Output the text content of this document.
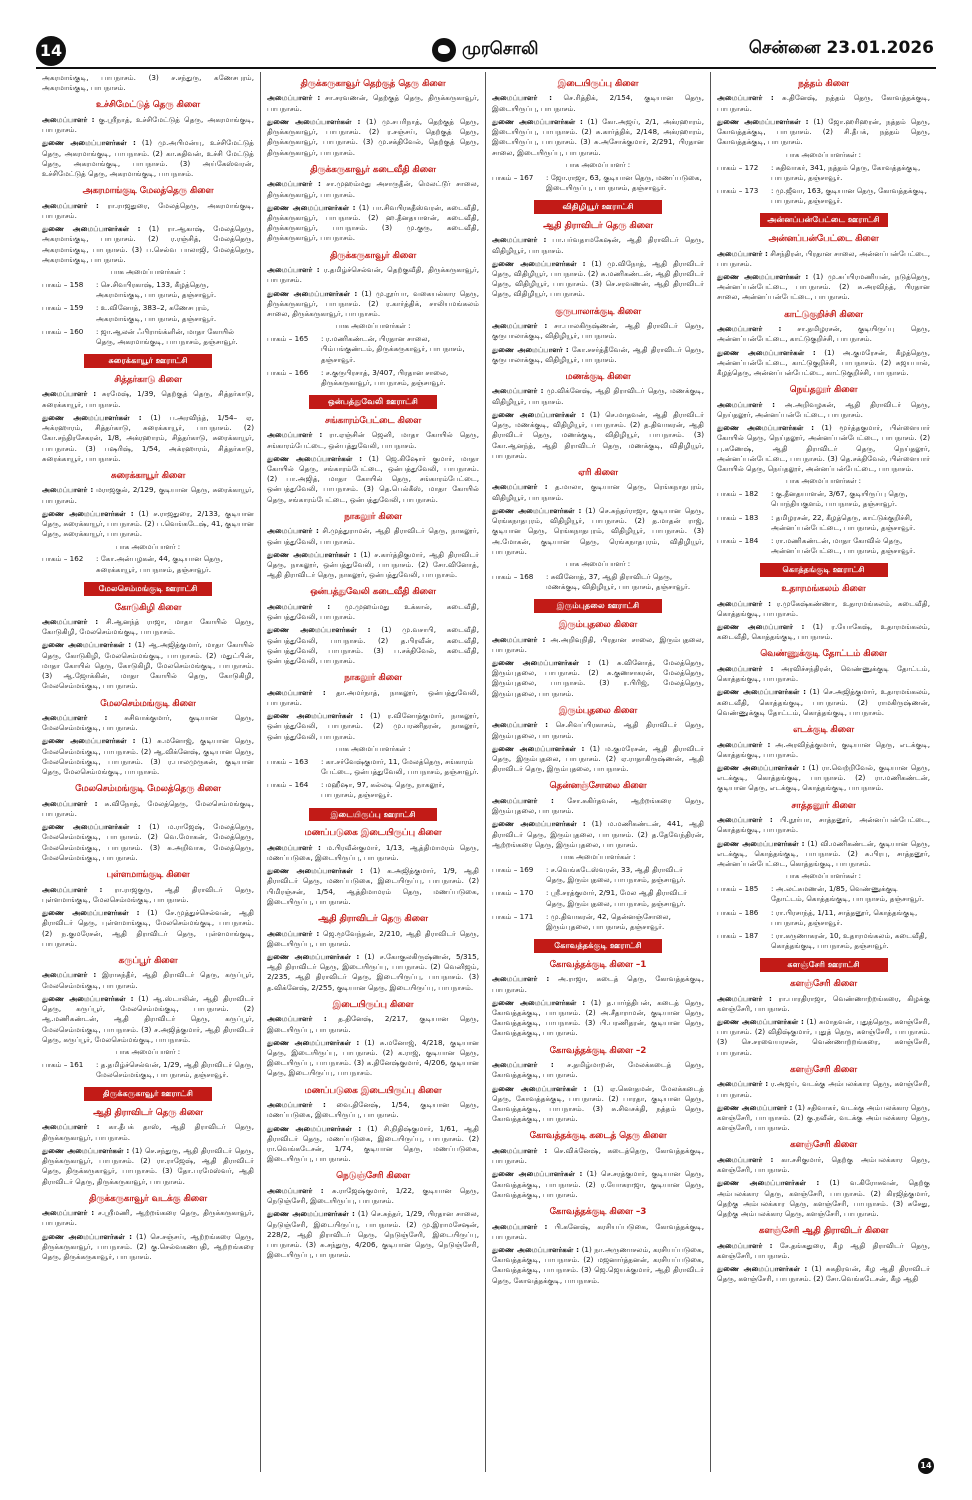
14	முரசொலி	சென்னை 23.01.2026
அகரமாங்குடி, பாபநாசம். (3) ச.சந்துரு, கணேசபுரம், அகரமாங்குடி, பாபநாசம்.
உச்சிமேட்டுத் தெரு கிளை
அமைப்பாளர் : கு.ஸ்ரீநாத், உச்சிமேட்டுத் தெரு, அகரமாங்குடி, பாபநாசம்.
துணை அமைப்பாளர்கள் : (1) மு.அபிமன்யு, உச்சிமேட்டுத் தெரு, அகரமாங்குடி, பாபநாசம். (2) கா.சுதிவன், உச்சி மேட்டுத் தெரு, அகரமாங்குடி, பாபநாசம். (3) அய்கேஸ்வரன், உச்சிமேட்டுத் தெரு, அகரமாங்குடி, பாபநாசம்.
அகரமாங்குடி மேலத்தெரு கிளை
அமைப்பாளர் : ரா.ராஜதுரை, மேலத்தெரு, அகரமாங்குடி, பாபநாசம்.
துணை அமைப்பாளர்கள் : (1) ரா.ஆகாஷ், மேலத்தெரு, அகரமாங்குடி, பாபநாசம். (2) ர.ரஞ்சித், மேலத்தெரு, அகரமாங்குடி, பாபநாசம். (3) ப.செல்வ பாலாஜி, மேலத்தெரு, அகரமாங்குடி, பாபநாசம்.
பாக அமைப்பாளர்கள் :
பாகம் – 158	: செ.சிவபிரகாஷ், 133, கீழத்தெரு, அகரமாங்குடி, பாபநாசம், தஞ்சாவூர்.
பாகம் – 159	: உ.வினோத், 383–2, கணேசபுரம், அகரமாங்குடி, பாபநாசம், தஞ்சாவூர்.
பாகம் – 160	: ஜா.ஆலன் ஃபிராங்க்ளின், மாதா கோயில் தெரு, அகரமாங்குடி, பாபநாசம், தஞ்சாவூர்.
சுரைக்காயூர் ஊராட்சி
சித்தர்காடு கிளை
அமைப்பாளர் : சுரமேஷ், 1/39, தெற்குத் தெரு, சித்தர்காடு, சுரைக்காயூர், பாபநாசம்.
துணை அமைப்பாளர்கள் : (1) ப.அரவிந்த், 1/54– ஏ, அக்ரஹாரம், சித்தர்காடு, சுரைக்காயூர், பாபநாசம். (2) கோ.சந்திரசேகரன், 1/8, அக்ரஹாரம், சித்தர்காடு, சுரைக்காயூர், பாபநாசம். (3) பஷரிஷ், 1/54, அக்ரஹாரம், சித்தர்காடு, சுரைக்காயூர், பாபநாசம்.
சுரைக்காயூர் கிளை
அமைப்பாளர் : மராஜகுல், 2/129, குடியான தெரு, சுரைக்காயூர், பாபநாசம்.
துணை அமைப்பாளர்கள் : (1) ச.ராஜதுரை, 2/133, குடியான தெரு, சுரைக்காயூர், பாபநாசம். (2) ப.வெங்கடேஷ், 41, குடியான தெரு, சுரைக்காயூர், பாபநாசம்.
பாக அமைப்பாளர் :
பாகம் – 162	: கோ.அன்பழகன், 44, குடியான தெரு, சுரைக்காயூர், பாபநாசம், தஞ்சாவூர்.
மேலசெம்மங்குடி ஊராட்சி
கோடுகிழி கிளை
அமைப்பாளர் : சி.ஆனந்த் ராஜா, மாதா கோயில் தெரு, கோடுகிழி, மேலசெம்மங்குடி, பாபநாசம்.
துணை அமைப்பாளர்கள் : (1) ஆ.அஜித்குமார், மாதா கோயில் தெரு, கோடுகிழி, மேலசெம்மங்குடி, பாபநாசம். (2) மதுட்பின், மாதா கோயில் தெரு, கோடுகிழி, மேலசெம்மங்குடி, பாபநாசம். (3) ஆ.ஜோக்கின், மாதா கோயில் தெரு, கோடுகிழி, மேலசெம்மங்குடி, பாபநாசம்.
மேலசெம்மங்குடி கிளை
அமைப்பாளர் : சுசிவாக்குமார், குடியான தெரு, மேலசெம்மங்குடி, பாபநாசம்.
துணை அமைப்பாளர்கள் : (1) சு.மனோஜ், குடியான தெரு, மேலசெம்மங்குடி, பாபநாசம். (2) ஆ.விக்னேஷ், குடியான தெரு, மேலசெம்மங்குடி, பாபநாசம். (3) ர.பாலமுருகன், குடியான தெரு, மேலசெம்மங்குடி, பாபநாசம்.
மேலசெம்மங்குடி மேலத்தெரு கிளை
அமைப்பாளர் : சு.விநோத், மேலத்தெரு, மேலசெம்மங்குடி, பாபநாசம்.
துணை அமைப்பாளர்கள் : (1) ம.ராஜேஷ், மேலத்தெரு, மேலசெம்மங்குடி, பாபநாசம். (2) வெ.மோகன், மேலத்தெரு, மேலசெம்மங்குடி, பாபநாசம். (3) சு.அறிவாசு, மேலத்தெரு, மேலசெம்மங்குடி, பாபநாசம்.
புள்ளமாங்குடி கிளை
அமைப்பாளர் : ரா.ராஜகுரு, ஆதி திராவிடர் தெரு, புள்ளமாங்குடி, மேலசெம்மங்குடி, பாபநாசம்.
துணை அமைப்பாளர்கள் : (1) சே.முத்துச்செல்வன், ஆதி திராவிடர் தெரு, புள்ளமாங்குடி, மேலசெம்மங்குடி, பாபநாசம். (2) ந.குமரேசன், ஆதி திராவிடர் தெரு, புள்ளமாங்குடி, பாபநாசம்.
கருப்பூர் கிளை
அமைப்பாளர் : இராசுந்தீர், ஆதி திராவிடர் தெரு, கருப்பூர், மேலசெம்மங்குடி, பாபநாசம்.
துணை அமைப்பாளர்கள் : (1) ஆ.ஸ்டாலின், ஆதி திராவிடர் தெரு, கருப்பூர், மேலசெம்மங்குடி, பாபநாசம். (2) ஆ.மணிகண்டன், ஆதி திராவிடர் தெரு, கருப்பூர், மேலசெம்மங்குடி, பாபநாசம். (3) ச.அஜித்குமார், ஆதி திராவிடர் தெரு, கருப்பூர், மேலசெம்மங்குடி, பாபநாசம்.
பாக அமைப்பாளர் :
பாகம் – 161	: த.தமிழ்ச்செல்வன், 1/29, ஆதி திராவிடர் தெரு, மேலசெம்மங்குடி, பாபநாசம், தஞ்சாவூர்.
திருக்கருகாவூர் ஊராட்சி
ஆதி திராவிடர் தெரு கிளை
அமைப்பாளர் : கா.தீபக் தாஸ், ஆதி திராவிடர் தெரு, திருக்கருகாவூர், பாபநாசம்.
துணை அமைப்பாளர்கள் : (1) செ.சந்துரு, ஆதி திராவிடர் தெரு, திருக்கருகாவூர், பாபநாசம். (2) ரா.ராஜேஷ், ஆதி திராவிடர் தெரு, திருக்கருகாவூர், பாபநாசம். (3) தோ.பரமேஸ்வர், ஆதி திராவிடர் தெரு, திருக்கருகாவூர், பாபநாசம்.
திருக்கருகாவூர் வடக்கு கிளை
அமைப்பாளர் : ச.ஸ்ரீமணி, ஆற்றங்கரை தெரு, திருக்கருகாவூர், பாபநாசம்.
துணை அமைப்பாளர்கள் : (1) செ.சஞ்சய், ஆற்றங்கரை தெரு, திருக்கருகாவூர், பாபநாசம். (2) கு.செல்வகணபதி, ஆற்றங்கரை தெரு, திருக்கருகாவூர், பாபநாசம்.
திருக்கருகாவூர் தெற்குத் தெரு கிளை
அமைப்பாளர் : சா.சரவணன், தெற்குத் தெரு, திருக்கருகாவூர், பாபநாசம்.
துணை அமைப்பாளர்கள் : (1) மு.சபரிநாத், தெற்குத் தெரு, திருக்கருகாவூர், பாபநாசம். (2) ர.சஞ்சய், தெற்குத் தெரு, திருக்கருகாவூர், பாபநாசம். (3) மு.சக்திவேல், தெற்குத் தெரு, திருக்கருகாவூர், பாபநாசம்.
திருக்கருகாவூர் கடைவீதி கிளை
அமைப்பாளர் : சா.முஹம்மது அசாருதீன், மெலட்டூர் சாலை, திருக்கருகாவூர், பாபநாசம்.
துணை அமைப்பாளர்கள் : (1) பா.சிவபிரகதீஸ்வரன், கடைவீதி, திருக்கருகாவூர், பாபநாசம். (2) ஹ.தீனதயாளன், கடைவீதி, திருக்கருகாவூர், பாபநாசம். (3) மு.குரு, கடைவீதி, திருக்கருகாவூர், பாபநாசம்.
திருக்கருகாவூர் கிளை
அமைப்பாளர் : ர.தமிழ்ச்செல்வன், தெற்குவீதி, திருக்கருகாவூர், பாபநாசம்.
துணை அமைப்பாளர்கள் : (1) மு.நூர்பா, வகையல்கார தெரு, திருக்கருகாவூர், பாபநாசம். (2) ர.கார்த்திக், சாலியமங்கலம் சாலை, திருக்கருகாவூர், பாபநாசம்.
பாக அமைப்பாளர்கள் :
பாகம் – 165	: ர.மணிகண்டன், பிரதான சாலை, பிம்பங்குண்டம், திருக்கருகாவூர், பாபநாசம், தஞ்சாவூர்.
பாகம் – 166	: ச.குருபிரசாத், 3/407, பிரதான சாலை, திருக்கருகாவூர், பாபநாசம், தஞ்சாவூர்.
ஒன்பத்துவேலி ஊராட்சி
சங்காரம்பேட்டை கிளை
அமைப்பாளர் : ரா.ஏஞ்சின் ஜெனி, மாதா கோயில் தெரு, சங்காரம்பேட்டை, ஒன்பத்துவேலி, பாபநாசம்.
துணை அமைப்பாளர்கள் : (1) ஜெ.கிஷோர் குமார், மாதா கோயில் தெரு, சங்காரம்பேட்டை, ஒன்பத்துவேலி, பாபநாசம். (2) பா.அஜித், மாதா கோயில் தெரு, சங்காரம்பேட்டை, ஒன்பத்துவேலி, பாபநாசம். (3) தெ.பெல்கீஸ், மாதா கோயில் தெரு, சங்காரம்பேட்டை, ஒன்பத்துவேலி, பாபநாசம்.
நாகலூர் கிளை
அமைப்பாளர் : சி.முத்துராமன், ஆதி திராவிடர் தெரு, நாகலூர், ஒன்பத்துவேலி, பாபநாசம்.
துணை அமைப்பாளர்கள் : (1) ச.கார்த்திகுமார், ஆதி திராவிடர் தெரு, நாகலூர், ஒன்பத்துவேலி, பாபநாசம். (2) சோ.வினோத், ஆதி திராவிடர் தெரு, நாகலூர், ஒன்பத்துவேலி, பாபநாசம்.
ஒன்பத்துவேலி கடைவீதி கிளை
அமைப்பாளர் : மு.முஹம்மது உக்கால், கடைவீதி, ஒன்பத்துவேலி, பாபநாசம்.
துணை அமைப்பாளர்கள் : (1) மு.வசாபி, கடைவீதி, ஒன்பத்துவேலி, பாபநாசம். (2) த.பிரவீன், கடைவீதி, ஒன்பத்துவேலி, பாபநாசம். (3) ப.சக்திவேல், கடைவீதி, ஒன்பத்துவேலி, பாபநாசம்.
நாகலூர் கிளை
அமைப்பாளர் : தா.அமர்நாத், நாகலூர், ஒன்பத்துவேலி, பாபநாசம்.
துணை அமைப்பாளர்கள் : (1) ர.வினோத்குமார், நாகலூர், ஒன்பத்துவேலி, பாபநாசம். (2) மு.பரணிதரன், நாகலூர், ஒன்பத்துவேலி, பாபநாசம்.
பாக அமைப்பாளர்கள் :
பாகம் – 163	: கா.சர்வேஷ்குமார், 11, மேலத்தெரு, சங்காரம் பேட்டை, ஒன்பத்துவேலி, பாபநாசம், தஞ்சாவூர்.
பாகம் – 164	: மஹீஷா, 97, கல்லடி தெரு, நாகலூர், பாபநாசம், தஞ்சாவூர்.
இடையிருப்பு ஊராட்சி
மணப்படுகை இடையிருப்பு கிளை
அமைப்பாளர் : ம.பிரவீன்குமார், 1/13, ஆத்திமாமரம் தெரு, மணப்படுகை, இடையிருப்பு, பாபநாசம்.
துணை அமைப்பாளர்கள் : (1) க.அஜித்குமார், 1/9, ஆதி திராவிடர் தெரு, மணப்படுகை, இடையிருப்பு, பாபநாசம். (2) பிமிரஞ்சன், 1/54, ஆத்திமாமரம் தெரு, மணப்படுகை, இடையிருப்பு, பாபநாசம்.
ஆதி திராவிடர் தெரு கிளை
அமைப்பாளர் : ஜெ.மூவேந்தன், 2/210, ஆதி திராவிடர் தெரு, இடையிருப்பு, பாபநாசம்.
துணை அமைப்பாளர்கள் : (1) ச.கோகுலகிருஷ்ணன், 5/315, ஆதி திராவிடர் தெரு, இடையிருப்பு, பாபநாசம். (2) வெனிஜம், 2/235, ஆதி திராவிடர் தெரு, இடையிருப்பு, பாபநாசம். (3) த.விக்னேஷ், 2/255, குடியான தெரு, இடையிருப்பு, பாபநாசம்.
இடையிருப்பு கிளை
அமைப்பாளர் : த.தினேஷ், 2/217, குடியான தெரு, இடையிருப்பு, பாபநாசம்.
துணை அமைப்பாளர்கள் : (1) சு.மனோஜ், 4/218, குடியான தெரு, இடையிருப்பு, பாபநாசம். (2) க.ராஜ், குடியான தெரு, இடையிருப்பு, பாபநாசம். (3) க.தினேஷ்குமார், 4/206, குடியான தெரு, இடையிருப்பு, பாபநாசம்.
மணப்படுகை இடையிருப்பு கிளை
அமைப்பாளர் : வை.தினேஷ், 1/54, குடியான தெரு, மணப்படுகை, இடையிருப்பு, பாபநாசம்.
துணை அமைப்பாளர்கள் : (1) சி.நிதிஷ்குமார், 1/61, ஆதி திராவிடர் தெரு, மணப்படுகை, இடையிருப்பு, பாபநாசம். (2) ரா.வெங்கடேசன், 1/74, குடியான தெரு, மணப்படுகை, இடையிருப்பு, பாபநாசம்.
நெடுஞ்சேரி கிளை
அமைப்பாளர் : சு.ராஜேஷ்குமார், 1/22, குடியான தெரு, நெடுஞ்சேரி, இடையிருப்பு, பாபநாசம்.
துணை அமைப்பாளர்கள் : (1) செ.சுந்தர், 1/29, பிரதான சாலை, நெடுஞ்சேரி, இடையிருப்பு, பாபநாசம். (2) மு.இராமசேஷன், 228/2, ஆதி திராவிடர் தெரு, நெடுஞ்சேரி, இடையிருப்பு, பாபநாசம். (3) சு.சந்துரு, 4/206, குடியான தெரு, நெடுஞ்சேரி, இடையிருப்பு, பாபநாசம்.
இடையிருப்பு கிளை
அமைப்பாளர் : செ.ரித்திக், 2/154, குடியான தெரு, இடையிருப்பு, பாபநாசம்.
துணை அமைப்பாளர்கள் : (1) கோ.அஜய், 2/1, அக்ரஹாரம், இடையிருப்பு, பாபநாசம். (2) சு.கார்த்திக், 2/148, அக்ரஹாரம், இடையிருப்பு, பாபநாசம். (3) சு.அசோக்குமார், 2/291, பிரதான சாலை, இடையிருப்பு, பாபநாசம்.
பாக அமைப்பாளர் :
பாகம் – 167	: ஜோ.ராஜா, 63, குடியான தெரு, மணப்படுகை, இடையிருப்பு, பாபநாசம், தஞ்சாவூர்.
விதிழியூர் ஊராட்சி
ஆதி திராவிடர் தெரு கிளை
அமைப்பாளர் : பா.பர்வதாமகேஷன், ஆதி திராவிடர் தெரு, விதிழியூர், பாபநாசம்.
துணை அமைப்பாளர்கள் : (1) மு.விநோத், ஆதி திராவிடர் தெரு, விதிழியூர், பாபநாசம். (2) சு.மணிகண்டன், ஆதி திராவிடர் தெரு, விதிழியூர், பாபநாசம். (3) செ.சரவணன், ஆதி திராவிடர் தெரு, விதிழியூர், பாபநாசம்.
குருபாலாக்குடி கிளை
அமைப்பாளர் : சா.பாலகிருஷ்ணன், ஆதி திராவிடர் தெரு, குருபாலாக்குடி, விதிழியூர், பாபநாசம்.
துணை அமைப்பாளர் : கோ.சசர்த்தீவேன், ஆதி திராவிடர் தெரு, குருபாலாக்குடி, விதிழியூர், பாபநாசம்.
மணக்குடி கிளை
அமைப்பாளர் : மு.விக்னேஷ், ஆதி திராவிடர் தெரு, மணக்குடி, விதிழியூர், பாபநாசம்.
துணை அமைப்பாளர்கள் : (1) செ.மாதவன், ஆதி திராவிடர் தெரு, மணக்குடி, விதிழியூர், பாபநாசம். (2) த.திவாகரன், ஆதி திராவிடர் தெரு, மணக்குடி, விதிழியூர், பாபநாசம். (3) கோ.ஆனந்த், ஆதி திராவிடர் தெரு, மணக்குடி, விதிழியூர், பாபநாசம்.
ஏரி கிளை
அமைப்பாளர் : த.மாலா, குடியான தெரு, ரெங்கநாதபுரம், விதிழியூர், பாபநாசம்.
துணை அமைப்பாளர்கள் : (1) செ.சுந்தர்ராஜா, குடியான தெரு, ரெங்கநாதபுரம், விதிழியூர், பாபநாசம். (2) த.மாதன் ராஜ், குடியான தெரு, ரெங்கநாதபுரம், விதிழியூர், பாபநாசம். (3) அ.மோகன், குடியான தெரு, ரெங்கநாதபுரம், விதிழியூர், பாபநாசம்.
பாக அமைப்பாளர் :
பாகம் – 168	: சுவினோத், 37, ஆதி திராவிடர் தெரு, மணக்குடி, விதிழியூர், பாபநாசம், தஞ்சாவூர்.
இரும்புதலை ஊராட்சி
இரும்புதலை கிளை
அமைப்பாளர் : அ.அறிவுநிதி, பிரதான சாலை, இரும்புதலை, பாபநாசம்.
துணை அமைப்பாளர்கள் : (1) சு.வினோத், மேலத்தெரு, இரும்புதலை, பாபநாசம். (2) சு.குணசாகரன், மேலத்தெரு, இரும்புதலை, பாபநாசம். (3) ர.பிரிஜ், மேலத்தெரு, இரும்புதலை, பாபநாசம்.
இரும்புதலை கிளை
அமைப்பாளர் : செ.சிவப்பிரகாசம், ஆதி திராவிடர் தெரு, இரும்புதலை, பாபநாசம்.
துணை அமைப்பாளர்கள் : (1) ம.குமரேசன், ஆதி திராவிடர் தெரு, இரும்புதலை, பாபநாசம். (2) ஏ.ராதாகிருஷ்ணன், ஆதி திராவிடர் தெரு, இரும்புதலை, பாபநாசம்.
தென்னஞ்சோலை கிளை
அமைப்பாளர் : சோ.சுகிர்தவன், ஆற்றங்கரை தெரு, இரும்புதலை, பாபநாசம்.
துணை அமைப்பாளர்கள் : (1) ம.மணிகண்டன், 441, ஆதி திராவிடர் தெரு, இரும்புதலை, பாபநாசம். (2) த.தேவேந்திரன், ஆற்றங்கரை தெரு, இரும்புதலை, பாபநாசம்.
பாக அமைப்பாளர்கள் :
பாகம் – 169	: ச.வெங்கடேஸ்வரன், 33, ஆதி திராவிடர் தெரு, இரும்புதலை, பாபநாசம், தஞ்சாவூர்.
பாகம் – 170	: ஸ்ரீ.சரத்குமார், 2/91, மேல ஆதி திராவிடர் தெரு, இரும்புதலை, பாபநாசம், தஞ்சாவூர்.
பாகம் – 171	: மு.திவாகரன், 42, தென்னஞ்சோலை, இரும்புதலை, பாபநாசம், தஞ்சாவூர்.
கோவத்தக்குடி ஊராட்சி
கோவத்தக்குடி கிளை –1
அமைப்பாளர் : அ.ராஜா, கடைத் தெரு, கோவத்தக்குடி, பாபநாசம்.
துணை அமைப்பாளர்கள் : (1) த.பார்த்திபன், கடைத் தெரு, கோவத்தக்குடி, பாபநாசம். (2) அ.சீதாராமன், குடியான தெரு, கோவத்தக்குடி, பாபநாசம். (3) பி.பரணிதரன், குடியான தெரு, கோவத்தக்குடி, பாபநாசம்.
கோவத்தக்குடி கிளை –2
அமைப்பாளர் : ச.தமிழ்மாறன், மேலக்கடைத் தெரு, கோவத்தக்குடி, பாபநாசம்.
துணை அமைப்பாளர்கள் : (1) ஏ.கௌதமன், மேலக்கடைத் தெரு, கோவத்தக்குடி, பாபநாசம். (2) பாரதா, குடியான தெரு, கோவத்தக்குடி, பாபநாசம். (3) சு.சிவசக்தி, நத்தம் தெரு, கோவத்தக்குடி, பாபநாசம்.
கோவத்தக்குடி கடைத் தெரு கிளை
அமைப்பாளர் : செ.விக்னேஷ், கடைத்தெரு, கோவத்தக்குடி, பாபநாசம்.
துணை அமைப்பாளர்கள் : (1) செ.சரத்குமார், குடியான தெரு, கோவத்தக்குடி, பாபநாசம். (2) ர.யோகராஜா, குடியான தெரு, கோவத்தக்குடி, பாபநாசம்.
கோவத்தக்குடி கிளை –3
அமைப்பாளர் : பி.கனேஷ், கரசியப்படுகை, கோவத்தக்குடி, பாபநாசம்.
துணை அமைப்பாளர்கள் : (1) நா.அருணாசலம், கரசியப்படுகை, கோவத்தக்குடி, பாபநாசம். (2) மஜனார்த்தனன், கரசியப்படுகை, கோவத்தக்குடி, பாபநாசம். (3) ஜெ.ஜெயக்குமார், ஆதி திராவிடர் தெரு, கோவத்தக்குடி, பாபநாசம்.
நத்தம் கிளை
அமைப்பாளர் : சு.தினேஷ், நத்தம் தெரு, கோவத்தக்குடி, பாபநாசம்.
துணை அமைப்பாளர்கள் : (1) ஜோ.ஹரிஹரன், நத்தம் தெரு, கோவத்தக்குடி, பாபநாசம். (2) சி.தீபக், நத்தம் தெரு, கோவத்தக்குடி, பாபநாசம்.
பாக அமைப்பாளர்கள் :
பாகம் – 172	: சுதிவாகர், 341, நத்தம் தெரு, கோவத்தக்குடி, பாபநாசம், தஞ்சாவூர்.
பாகம் – 173	: மு.ஜீவா, 163, குடியான தெரு, கோவத்தக்குடி, பாபநாசம், தஞ்சாவூர்.
அன்னப்பன்பேட்டை ஊராட்சி
அன்னப்பன்பேட்டை கிளை
அமைப்பாளர் : சிசந்திரன், பிரதான சாலை, அன்னப்பன்பேட்டை, பாபநாசம்.
துணை அமைப்பாளர்கள் : (1) மு.சுப்பிரமணியன், நடுத்தெரு, அன்னப்பன்பேட்டை, பாபநாசம். (2) சு.அரவிந்த், பிரதான சாலை, அன்னப்பன்பேட்டை, பாபநாசம்.
காட்டுகுறிச்சி கிளை
அமைப்பாளர் : சா.தமிழரசன், குடியிருப்பு தெரு, அன்னப்பன்பேட்டை, காட்டுகுறிச்சி, பாபநாசம்.
துணை அமைப்பாளர்கள் : (1) அ.குமரேசன், கீழத்தெரு, அன்னப்பன்பேட்டை, காட்டுகுறிச்சி, பாபநாசம். (2) சுஜயபால், கீழத்தெரு, அன்னப்பன்பேட்டை, காட்டுகுறிச்சி, பாபநாசம்.
நெய்தலூர் கிளை
அமைப்பாளர் : அ.அறிவழகன், ஆதி திராவிடர் தெரு, நெய்தலூர், அன்னப்பன்பேட்டை, பாபநாசம்.
துணை அமைப்பாளர்கள் : (1) மூர்த்தகுமார், பிள்ளையார் கோயில் தெரு, நெய்தலூர், அன்னப்பன்பேட்டை, பாபநாசம். (2) பு.கணேஷ், ஆதி திராவிடர் தெரு, நெய்தலூர், அன்னப்பன்பேட்டை, பாபநாசம். (3) தெ.சக்திவேல், பிள்ளையார் கோயில் தெரு, நெய்தலூர், அன்னப்பன்பேட்டை, பாபநாசம்.
பாக அமைப்பாளர்கள் :
பாகம் – 182	: கு.தீனதயாளன், 3/67, குடியிருப்பு தெரு, பொந்தியகுளம், பாபநாசம், தஞ்சாவூர்.
பாகம் – 183	: தமிழரசன், 22, கீழத்தெரு, காட்டுக்குறிச்சி, அன்னப்பன்பேட்டை, பாபநாசம், தஞ்சாவூர்.
பாகம் – 184	: ரா.மணிகண்டன், மாதா கோவில் தெரு, அன்னப்பன்பேட்டை, பாபநாசம், தஞ்சாவூர்.
கொத்தங்குடி ஊராட்சி
உதாரமங்கலம் கிளை
அமைப்பாளர் : ர.முகேஷ்கண்ணா, உதாரமங்கலம், கடைவீதி, கொத்தங்குடி, பாபநாசம்.
துணை அமைப்பாளர் : (1) ர.யோகேஷ், உதாரமங்கலம், கடைவீதி, கொத்தங்குடி, பாபநாசம்.
வெண்ணுக்குடி தோட்டம் கிளை
அமைப்பாளர் : அரவிச்சந்திரன், வெண்ணுக்குடி தோட்டம், கொத்தங்குடி, பாபநாசம்.
துணை அமைப்பாளர்கள் : (1) செ.அஜித்குமார், உதாரமங்கலம், கடைவீதி, கொத்தங்குடி, பாபநாசம். (2) ராமகிருஷ்ணன், வெண்ணுக்குடி தோட்டம், கொத்தங்குடி, பாபநாசம்.
எடக்குடி கிளை
அமைப்பாளர் : அ.அரவிந்த்குமார், குடியான தெரு, எடக்குடி, கொத்தங்குடி, பாபநாசம்.
துணை அமைப்பாளர்கள் : (1) ரா.வெற்றிவேல், குடியான தெரு, எடக்குடி, கொத்தங்குடி, பாபநாசம். (2) ரா.மணிகண்டன், குடியான தெரு, எடக்குடி, கொத்தங்குடி, பாபநாசம்.
சாத்தனூர் கிளை
அமைப்பாளர் : பி.நூர்பா, சாத்தனூர், அன்னப்பன்பேட்டை, கொத்தங்குடி, பாபநாசம்.
துணை அமைப்பாளர்கள் : (1) வி.மணிகண்டன், குடியான தெரு, எடக்குடி, கொத்தங்குடி, பாபநாசம். (2) சு.பிரபு, சாத்தனூர், அன்னப்பன்பேட்டை, கொத்தங்குடி, பாபநாசம்.
பாக அமைப்பாளர்கள் :
பாகம் – 185	: அ.லட்சுமணன், 1/85, வெண்ணுக்குடி தோட்டம், கொத்தங்குடி, பாபநாசம், தஞ்சாவூர்.
பாகம் – 186	: ரா.பிரசாந்த், 1/11, சாத்தனூர், கொத்தங்குடி, பாபநாசம், தஞ்சாவூர்.
பாகம் – 187	: ரா.கருணாகரன், 10, உதாரமங்கலம், கடைவீதி, கொத்தங்குடி, பாபநாசம், தஞ்சாவூர்.
களஞ்சேரி ஊராட்சி
களஞ்சேரி கிளை
அமைப்பாளர் : ரா.பாரதிராஜா, வெண்ணாற்றங்கரை, கிழக்கு களஞ்சேரி, பாபநாசம்.
துணை அமைப்பாளர்கள் : (1) சுமாதவன், புதுத்தெரு, களஞ்சேரி, பாபநாசம். (2) விதிஷ்குமார், புதுத் தெரு, களஞ்சேரி, பாபநாசம். (3) செ.சரவையரசன், வெண்ணாற்றங்கரை, களஞ்சேரி, பாபநாசம்.
களஞ்சேரி கிளை
அமைப்பாளர் : ர.அஜய், வடக்கு அம்பலக்கார தெரு, களஞ்சேரி, பாபநாசம்.
துணை அமைப்பாளர் : (1) சதிவாகர், வடக்கு அம்பலக்கார தெரு, களஞ்சேரி, பாபநாசம். (2) கு.நவீன், வடக்கு அம்பலக்கார தெரு, களஞ்சேரி, பாபநாசம்.
களஞ்சேரி கிளை
அமைப்பாளர் : கா.சசிகுமார், தெற்கு அம்பலக்கார தெரு, களஞ்சேரி, பாபநாசம்.
துணை அமைப்பாளர்கள் : (1) வ.கிரோசுவன், தெற்கு அம்பலக்கார தெரு, களஞ்சேரி, பாபநாசம். (2) கிரஜித்குமார், தெற்கு அம்பலக்கார தெரு, களஞ்சேரி, பாபநாசம். (3) சுசேது, தெற்கு அம்பலக்கார தெரு, களஞ்சேரி, பாபநாசம்.
களஞ்சேரி ஆதி திராவிடர் கிளை
அமைப்பாளர் : சே.தங்கதுரை, கீழ ஆதி திராவிடர் தெரு, களஞ்சேரி, பாபநாசம்.
துணை அமைப்பாளர்கள் : (1) சுகதிரவன், கீழ ஆதி திராவிடர் தெரு, களஞ்சேரி, பாபநாசம். (2) சோ.வெங்கடேசன், கீழ ஆதி
14
